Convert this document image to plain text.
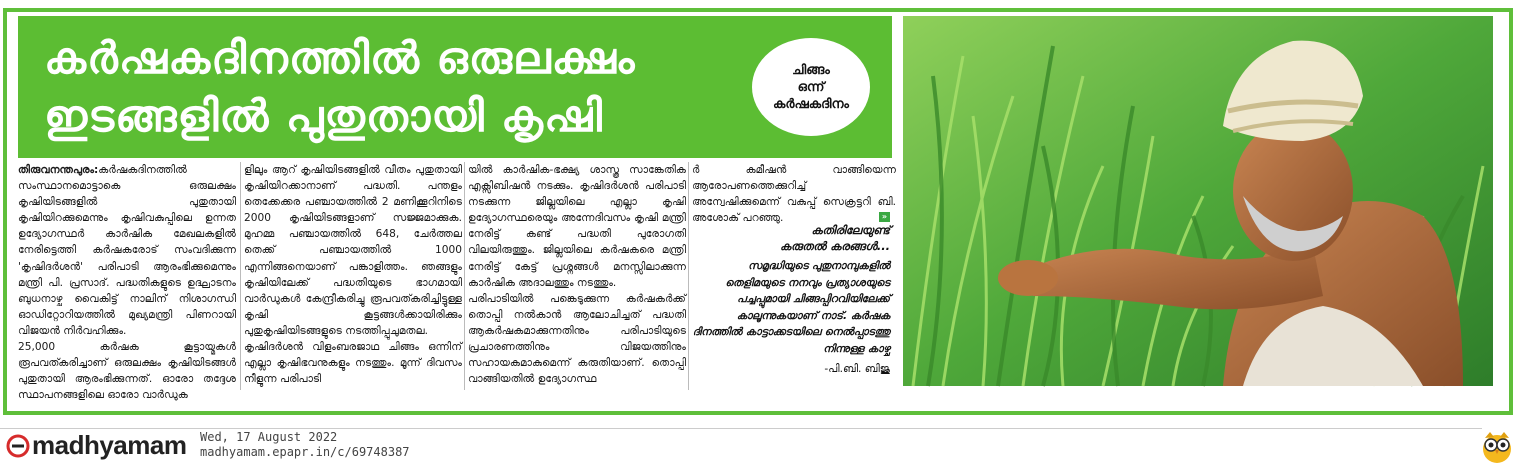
കർഷകദിനത്തിൽ ഒരുലക്ഷം
ഇടങ്ങളിൽ പുതുതായി കൃഷി
ചിങ്ങം
ഒന്ന്
കർഷകദിനം

തിരുവനന്തപുരം:കർഷകദിനത്തിൽ സംസ്ഥാനമൊട്ടാകെ ഒരുലക്ഷം കൃഷിയിടങ്ങളിൽ പുതുതായി കൃഷിയിറക്കുമെന്നും കൃഷിവകുപ്പിലെ ഉന്നത ഉദ്യോഗസ്ഥർ കാർഷിക മേഖലകളിൽ നേരിട്ടെത്തി കർഷകരോട് സംവദിക്കുന്ന 'കൃഷിദർശൻ' പരിപാടി ആരംഭിക്കുമെന്നും മന്ത്രി പി. പ്രസാദ്. പദ്ധതികളുടെ ഉദ്ഘാടനം ബുധനാഴ്ച വൈകിട്ട് നാലിന് നിശാഗന്ധി ഓഡിറ്റോറിയത്തിൽ മുഖ്യമന്ത്രി പിണറായി വിജയൻ നിർവഹിക്കും.

25,000 കർഷക കൂട്ടായ്മകൾ രൂപവത്കരിച്ചാണ് ഒരുലക്ഷം കൃഷിയിടങ്ങൾ പുതുതായി ആരംഭിക്കുന്നത്. ഓരോ തദ്ദേശ സ്ഥാപനങ്ങളിലെ ഓരോ വാർഡുക

ളിലും ആറ് കൃഷിയിടങ്ങളിൽ വീതം പുതുതായി കൃഷിയിറക്കാനാണ് പദ്ധതി. പന്തളം തെക്കേക്കര പഞ്ചായത്തിൽ 2 മണിക്കൂറിനിടെ 2000 കൃഷിയിടങ്ങളാണ് സജ്ജമാക്കുക. മുഹമ്മ പഞ്ചായത്തിൽ 648, ചേർത്തല തെക്ക് പഞ്ചായത്തിൽ 1000 എന്നിങ്ങനെയാണ് പങ്കാളിത്തം. ഞങ്ങളും കൃഷിയിലേക്ക് പദ്ധതിയുടെ ഭാഗമായി വാർഡുകൾ കേന്ദ്രീകരിച്ചു രൂപവത്കരിച്ചിട്ടുള്ള കൃഷി കൂട്ടങ്ങൾക്കായിരിക്കും പുതുകൃഷിയിടങ്ങളുടെ നടത്തിപ്പുചുമതല.

കൃഷിദർശൻ വിളംബരജാഥ ചിങ്ങം ഒന്നിന് എല്ലാ കൃഷിഭവനുകളും നടത്തും. മൂന്ന് ദിവസം നീളുന്ന പരിപാടി

യിൽ കാർഷിക-ഭക്ഷ്യ ശാസ്ത്ര സാങ്കേതിക എക്സിബിഷൻ നടക്കും. കൃഷിദർശൻ പരിപാടി നടക്കുന്ന ജില്ലയിലെ എല്ലാ കൃഷി ഉദ്യോഗസ്ഥരെയും അന്നേദിവസം കൃഷി മന്ത്രി നേരിട്ട് കണ്ട് പദ്ധതി പുരോഗതി വിലയിരുത്തും. ജില്ലയിലെ കർഷകരെ മന്ത്രി നേരിട്ട് കേട്ട് പ്രശ്നങ്ങൾ മനസ്സിലാക്കുന്ന കാർഷിക അദാലത്തും നടത്തും.

പരിപാടിയിൽ പങ്കെടുക്കുന്ന കർഷകർക്ക് തൊപ്പി നൽകാൻ ആലോചിച്ചത് പദ്ധതി ആകർഷകമാക്കുന്നതിനും പരിപാടിയുടെ പ്രചാരണത്തിനും വിജയത്തിനും സഹായകമാകുമെന്ന് കരുതിയാണ്. തൊപ്പി വാങ്ങിയതിൽ ഉദ്യോഗസ്ഥ

ർ കമീഷൻ വാങ്ങിയെന്ന ആരോപണത്തെക്കുറിച്ച് അന്വേഷിക്കുമെന്ന് വകുപ്പ് സെക്രട്ടറി ബി. അശോക് പറഞ്ഞു.	»
കതിരിലേയുണ്ട്
കരുതൽ കരങ്ങൾ...
സമൃദ്ധിയുടെ പുതുനാമ്പുകളിൽ തെളിമയുടെ നനവും പ്രത്യാശയുടെ പച്ചപ്പുമായി ചിങ്ങപ്പിറവിയിലേക്ക് കാലൂന്നുകയാണ് നാട്. കർഷക ദിനത്തിൽ കാട്ടാക്കടയിലെ നെൽപ്പാടത്തു നിന്നുള്ള കാഴ്ച
-പി.ബി. ബിജു
madhyamam Wed, 17 August 2022
madhyamam.epapr.in/c/69748387
